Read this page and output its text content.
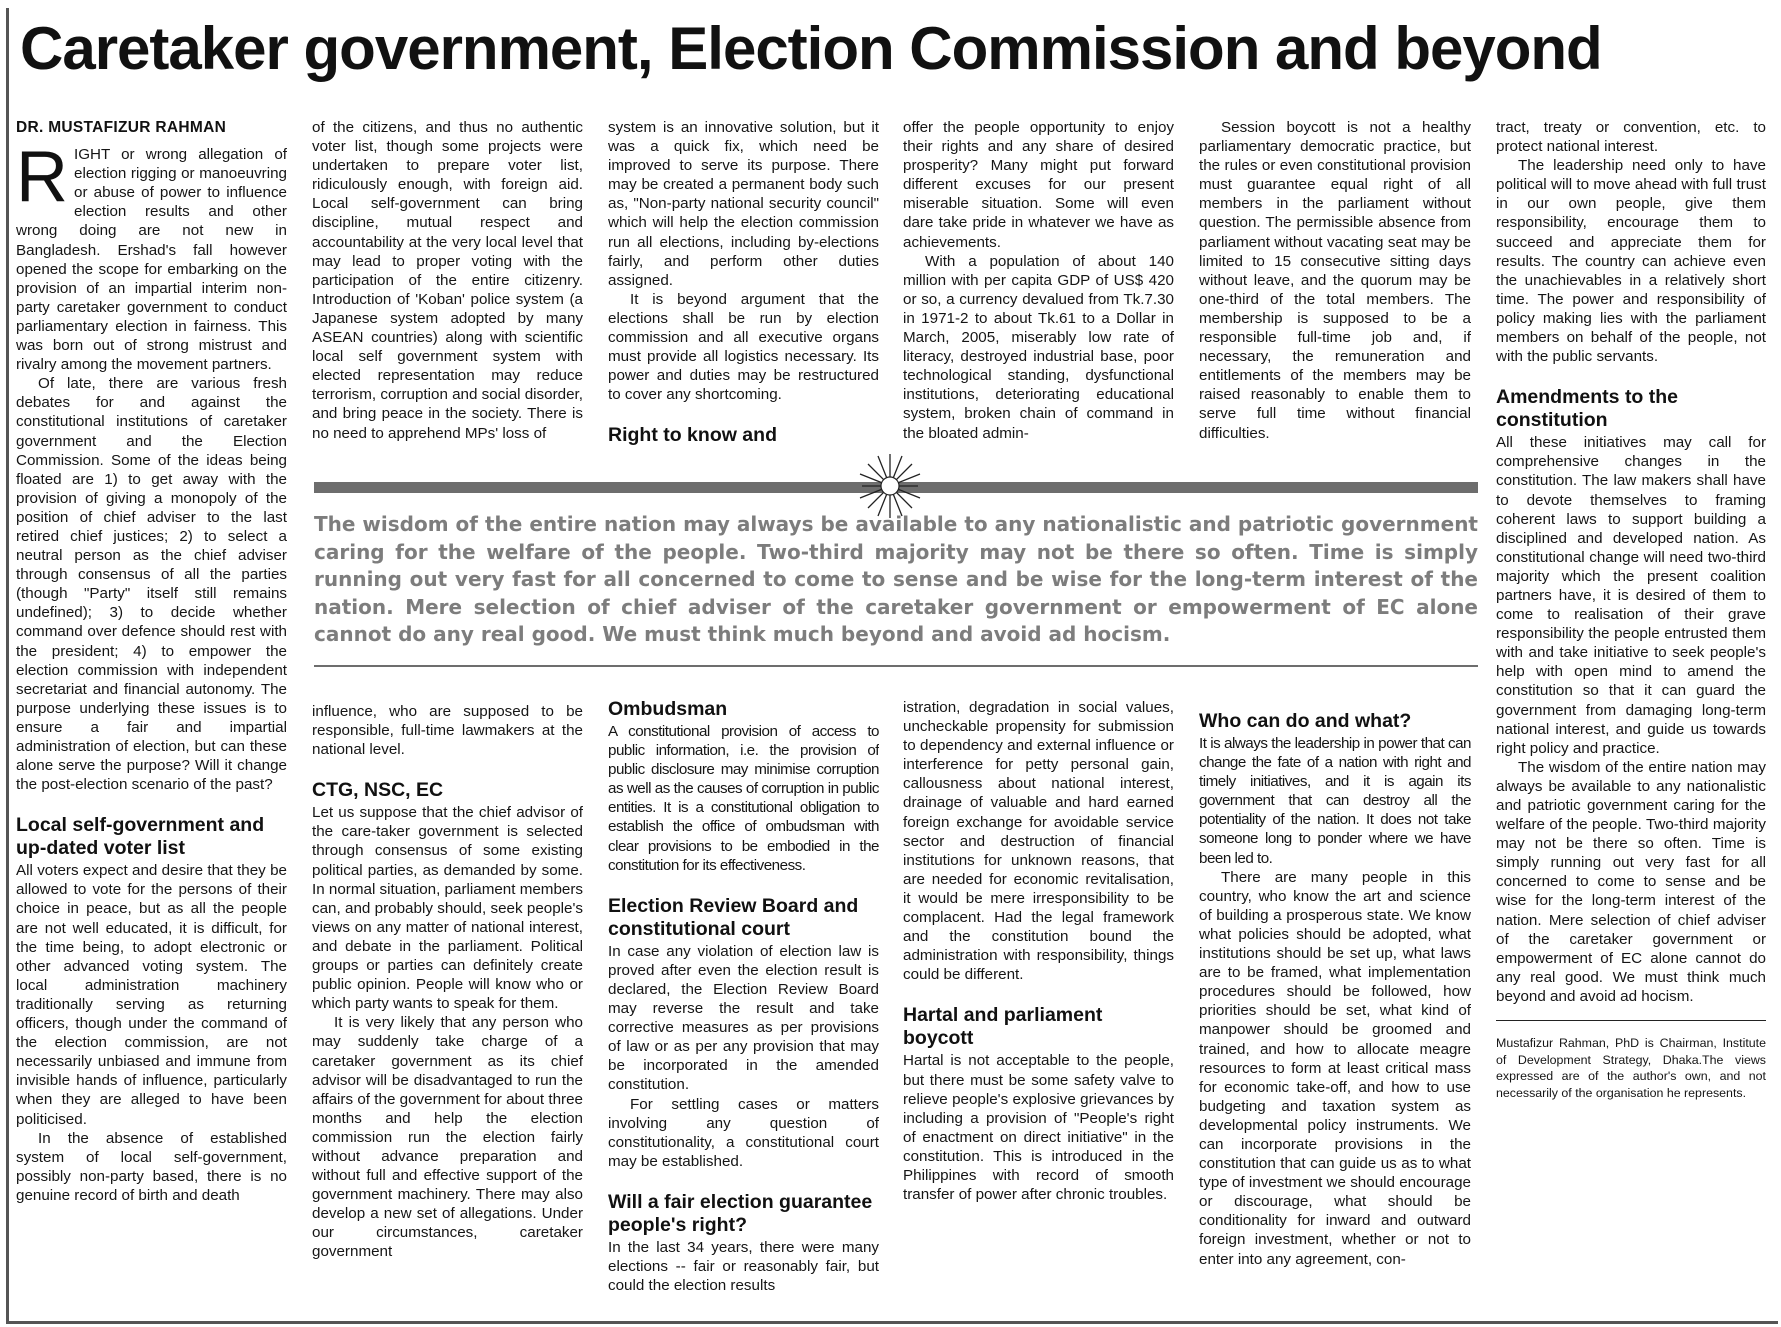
Caretaker government, Election Commission and beyond
DR. MUSTAFIZUR RAHMAN

RIGHT or wrong allegation of election rigging or manoeuvring or abuse of power to influence election results and other wrong doing are not new in Bangladesh. Ershad's fall however opened the scope for embarking on the provision of an impartial interim non-party caretaker government to conduct parliamentary election in fairness. This was born out of strong mistrust and rivalry among the movement partners.

Of late, there are various fresh debates for and against the constitutional institutions of caretaker government and the Election Commission. Some of the ideas being floated are 1) to get away with the provision of giving a monopoly of the position of chief adviser to the last retired chief justices; 2) to select a neutral person as the chief adviser through consensus of all the parties (though "Party" itself still remains undefined); 3) to decide whether command over defence should rest with the president; 4) to empower the election commission with independent secretariat and financial autonomy. The purpose underlying these issues is to ensure a fair and impartial administration of election, but can these alone serve the purpose? Will it change the post-election scenario of the past?

Local self-government and up-dated voter list

All voters expect and desire that they be allowed to vote for the persons of their choice in peace, but as all the people are not well educated, it is difficult, for the time being, to adopt electronic or other advanced voting system. The local administration machinery traditionally serving as returning officers, though under the command of the election commission, are not necessarily unbiased and immune from invisible hands of influence, particularly when they are alleged to have been politicised.

In the absence of established system of local self-government, possibly non-party based, there is no genuine record of birth and death

of the citizens, and thus no authentic voter list, though some projects were undertaken to prepare voter list, ridiculously enough, with foreign aid. Local self-government can bring discipline, mutual respect and accountability at the very local level that may lead to proper voting with the participation of the entire citizenry. Introduction of 'Koban' police system (a Japanese system adopted by many ASEAN countries) along with scientific local self government system with elected representation may reduce terrorism, corruption and social disorder, and bring peace in the society. There is no need to apprehend MPs' loss of

influence, who are supposed to be responsible, full-time lawmakers at the national level.

CTG, NSC, EC

Let us suppose that the chief advisor of the care-taker government is selected through consensus of some existing political parties, as demanded by some. In normal situation, parliament members can, and probably should, seek people's views on any matter of national interest, and debate in the parliament. Political groups or parties can definitely create public opinion. People will know who or which party wants to speak for them.

It is very likely that any person who may suddenly take charge of a caretaker government as its chief advisor will be disadvantaged to run the affairs of the government for about three months and help the election commission run the election fairly without advance preparation and without full and effective support of the government machinery. There may also develop a new set of allegations. Under our circumstances, caretaker government

system is an innovative solution, but it was a quick fix, which need be improved to serve its purpose. There may be created a permanent body such as, "Non-party national security council" which will help the election commission run all elections, including by-elections fairly, and perform other duties assigned.

It is beyond argument that the elections shall be run by election commission and all executive organs must provide all logistics necessary. Its power and duties may be restructured to cover any shortcoming.

Right to know and
Ombudsman

A constitutional provision of access to public information, i.e. the provision of public disclosure may minimise corruption as well as the causes of corruption in public entities. It is a constitutional obligation to establish the office of ombudsman with clear provisions to be embodied in the constitution for its effectiveness.

Election Review Board and constitutional court

In case any violation of election law is proved after even the election result is declared, the Election Review Board may reverse the result and take corrective measures as per provisions of law or as per any provision that may be incorporated in the amended constitution.

For settling cases or matters involving any question of constitutionality, a constitutional court may be established.

Will a fair election guarantee people's right?

In the last 34 years, there were many elections -- fair or reasonably fair, but could the election results

offer the people opportunity to enjoy their rights and any share of desired prosperity? Many might put forward different excuses for our present miserable situation. Some will even dare take pride in whatever we have as achievements.

With a population of about 140 million with per capita GDP of US$ 420 or so, a currency devalued from Tk.7.30 in 1971-2 to about Tk.61 to a Dollar in March, 2005, miserably low rate of literacy, destroyed industrial base, poor technological standing, dysfunctional institutions, deteriorating educational system, broken chain of command in the bloated admin-

istration, degradation in social values, uncheckable propensity for submission to dependency and external influence or interference for petty personal gain, callousness about national interest, drainage of valuable and hard earned foreign exchange for avoidable service sector and destruction of financial institutions for unknown reasons, that are needed for economic revitalisation, it would be mere irresponsibility to be complacent. Had the legal framework and the constitution bound the administration with responsibility, things could be different.

Hartal and parliament boycott

Hartal is not acceptable to the people, but there must be some safety valve to relieve people's explosive grievances by including a provision of "People's right of enactment on direct initiative" in the constitution. This is introduced in the Philippines with record of smooth transfer of power after chronic troubles.

Session boycott is not a healthy parliamentary democratic practice, but the rules or even constitutional provision must guarantee equal right of all members in the parliament without question. The permissible absence from parliament without vacating seat may be limited to 15 consecutive sitting days without leave, and the quorum may be one-third of the total members. The membership is supposed to be a responsible full-time job and, if necessary, the remuneration and entitlements of the members may be raised reasonably to enable them to serve full time without financial difficulties.

Who can do and what?

It is always the leadership in power that can change the fate of a nation with right and timely initiatives, and it is again its government that can destroy all the potentiality of the nation. It does not take someone long to ponder where we have been led to.

There are many people in this country, who know the art and science of building a prosperous state. We know what policies should be adopted, what institutions should be set up, what laws are to be framed, what implementation procedures should be followed, how priorities should be set, what kind of manpower should be groomed and trained, and how to allocate meagre resources to form at least critical mass for economic take-off, and how to use budgeting and taxation system as developmental policy instruments. We can incorporate provisions in the constitution that can guide us as to what type of investment we should encourage or discourage, what should be conditionality for inward and outward foreign investment, whether or not to enter into any agreement, con-

tract, treaty or convention, etc. to protect national interest.

The leadership need only to have political will to move ahead with full trust in our own people, give them responsibility, encourage them to succeed and appreciate them for results. The country can achieve even the unachievables in a relatively short time. The power and responsibility of policy making lies with the parliament members on behalf of the people, not with the public servants.

Amendments to the constitution

All these initiatives may call for comprehensive changes in the constitution. The law makers shall have to devote themselves to framing coherent laws to support building a disciplined and developed nation. As constitutional change will need two-third majority which the present coalition partners have, it is desired of them to come to realisation of their grave responsibility the people entrusted them with and take initiative to seek people's help with open mind to amend the constitution so that it can guard the government from damaging long-term national interest, and guide us towards right policy and practice.

The wisdom of the entire nation may always be available to any nationalistic and patriotic government caring for the welfare of the people. Two-third majority may not be there so often. Time is simply running out very fast for all concerned to come to sense and be wise for the long-term interest of the nation. Mere selection of chief adviser of the caretaker government or empowerment of EC alone cannot do any real good. We must think much beyond and avoid ad hocism.

Mustafizur Rahman, PhD is Chairman, Institute of Development Strategy, Dhaka.The views expressed are of the author's own, and not necessarily of the organisation he represents.

The wisdom of the entire nation may always be available to any nationalistic and patriotic government caring for the welfare of the people. Two-third majority may not be there so often. Time is simply running out very fast for all concerned to come to sense and be wise for the long-term interest of the nation. Mere selection of chief adviser of the caretaker government or empowerment of EC alone cannot do any real good. We must think much beyond and avoid ad hocism.
